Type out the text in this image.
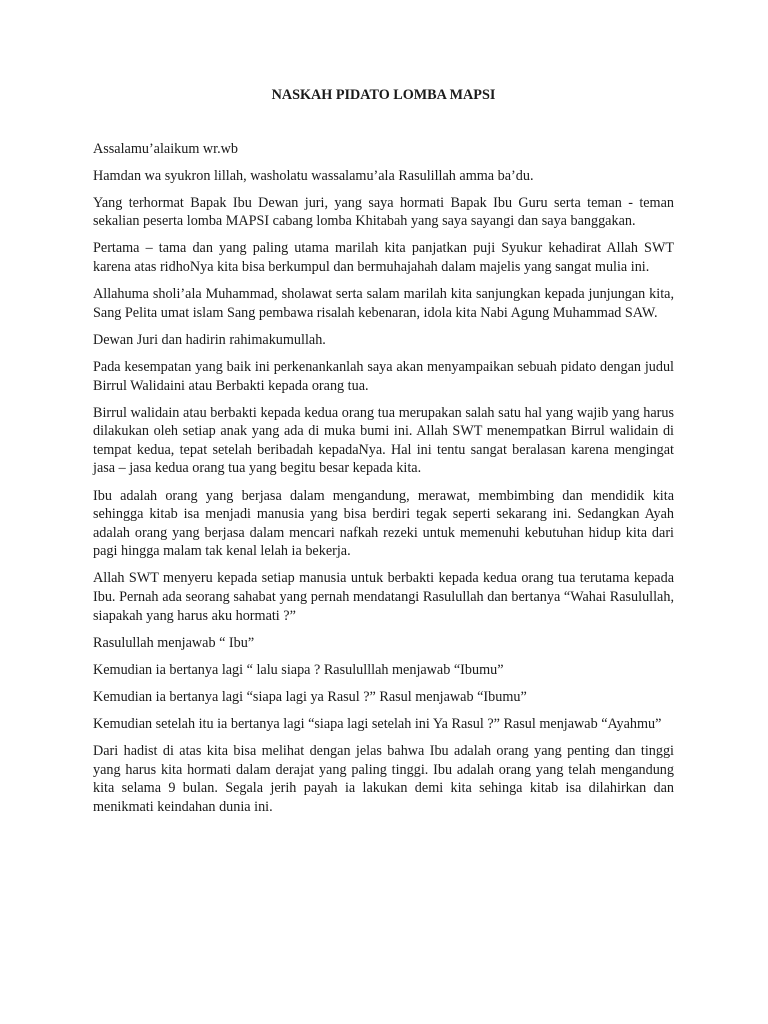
NASKAH PIDATO LOMBA MAPSI

Assalamu’alaikum wr.wb

Hamdan wa syukron lillah, washolatu wassalamu’ala Rasulillah amma ba’du.

Yang terhormat Bapak Ibu Dewan juri, yang saya hormati Bapak Ibu Guru serta teman - teman sekalian peserta lomba MAPSI cabang lomba Khitabah yang saya sayangi dan saya banggakan.

Pertama – tama dan yang paling utama marilah kita panjatkan puji Syukur kehadirat Allah SWT karena atas ridhoNya kita bisa berkumpul dan bermuhajahah dalam majelis yang sangat mulia ini.

Allahuma sholi’ala Muhammad, sholawat serta salam marilah kita sanjungkan kepada junjungan kita, Sang Pelita umat islam Sang pembawa risalah kebenaran, idola kita Nabi Agung Muhammad SAW.

Dewan Juri dan hadirin rahimakumullah.

Pada kesempatan yang baik ini perkenankanlah saya akan menyampaikan sebuah pidato dengan judul Birrul Walidaini atau Berbakti kepada orang tua.

Birrul walidain atau berbakti kepada kedua orang tua merupakan salah satu hal yang wajib yang harus dilakukan oleh setiap anak yang ada di muka bumi ini. Allah SWT menempatkan Birrul walidain di tempat kedua, tepat setelah beribadah kepadaNya. Hal ini tentu sangat beralasan karena mengingat jasa – jasa kedua orang tua yang begitu besar kepada kita.

Ibu adalah orang yang berjasa dalam mengandung, merawat, membimbing dan mendidik kita sehingga kitab isa menjadi manusia yang bisa berdiri tegak seperti sekarang ini. Sedangkan Ayah adalah orang yang berjasa dalam mencari nafkah rezeki untuk memenuhi kebutuhan hidup kita dari pagi hingga malam tak kenal lelah ia bekerja.

Allah SWT menyeru kepada setiap manusia untuk berbakti kepada kedua orang tua terutama kepada Ibu. Pernah ada seorang sahabat yang pernah mendatangi Rasulullah dan bertanya “Wahai Rasulullah, siapakah yang harus aku hormati ?”

Rasulullah menjawab “ Ibu”

Kemudian ia bertanya lagi “ lalu siapa ? Rasululllah menjawab “Ibumu”

Kemudian ia bertanya lagi “siapa lagi ya Rasul ?” Rasul menjawab “Ibumu”

Kemudian setelah itu ia bertanya lagi “siapa lagi setelah ini Ya Rasul ?” Rasul menjawab “Ayahmu”

Dari hadist di atas kita bisa melihat dengan jelas bahwa Ibu adalah orang yang penting dan tinggi yang harus kita hormati dalam derajat yang paling tinggi. Ibu adalah orang yang telah mengandung kita selama 9 bulan. Segala jerih payah ia lakukan demi kita sehinga kitab isa dilahirkan dan menikmati keindahan dunia ini.
